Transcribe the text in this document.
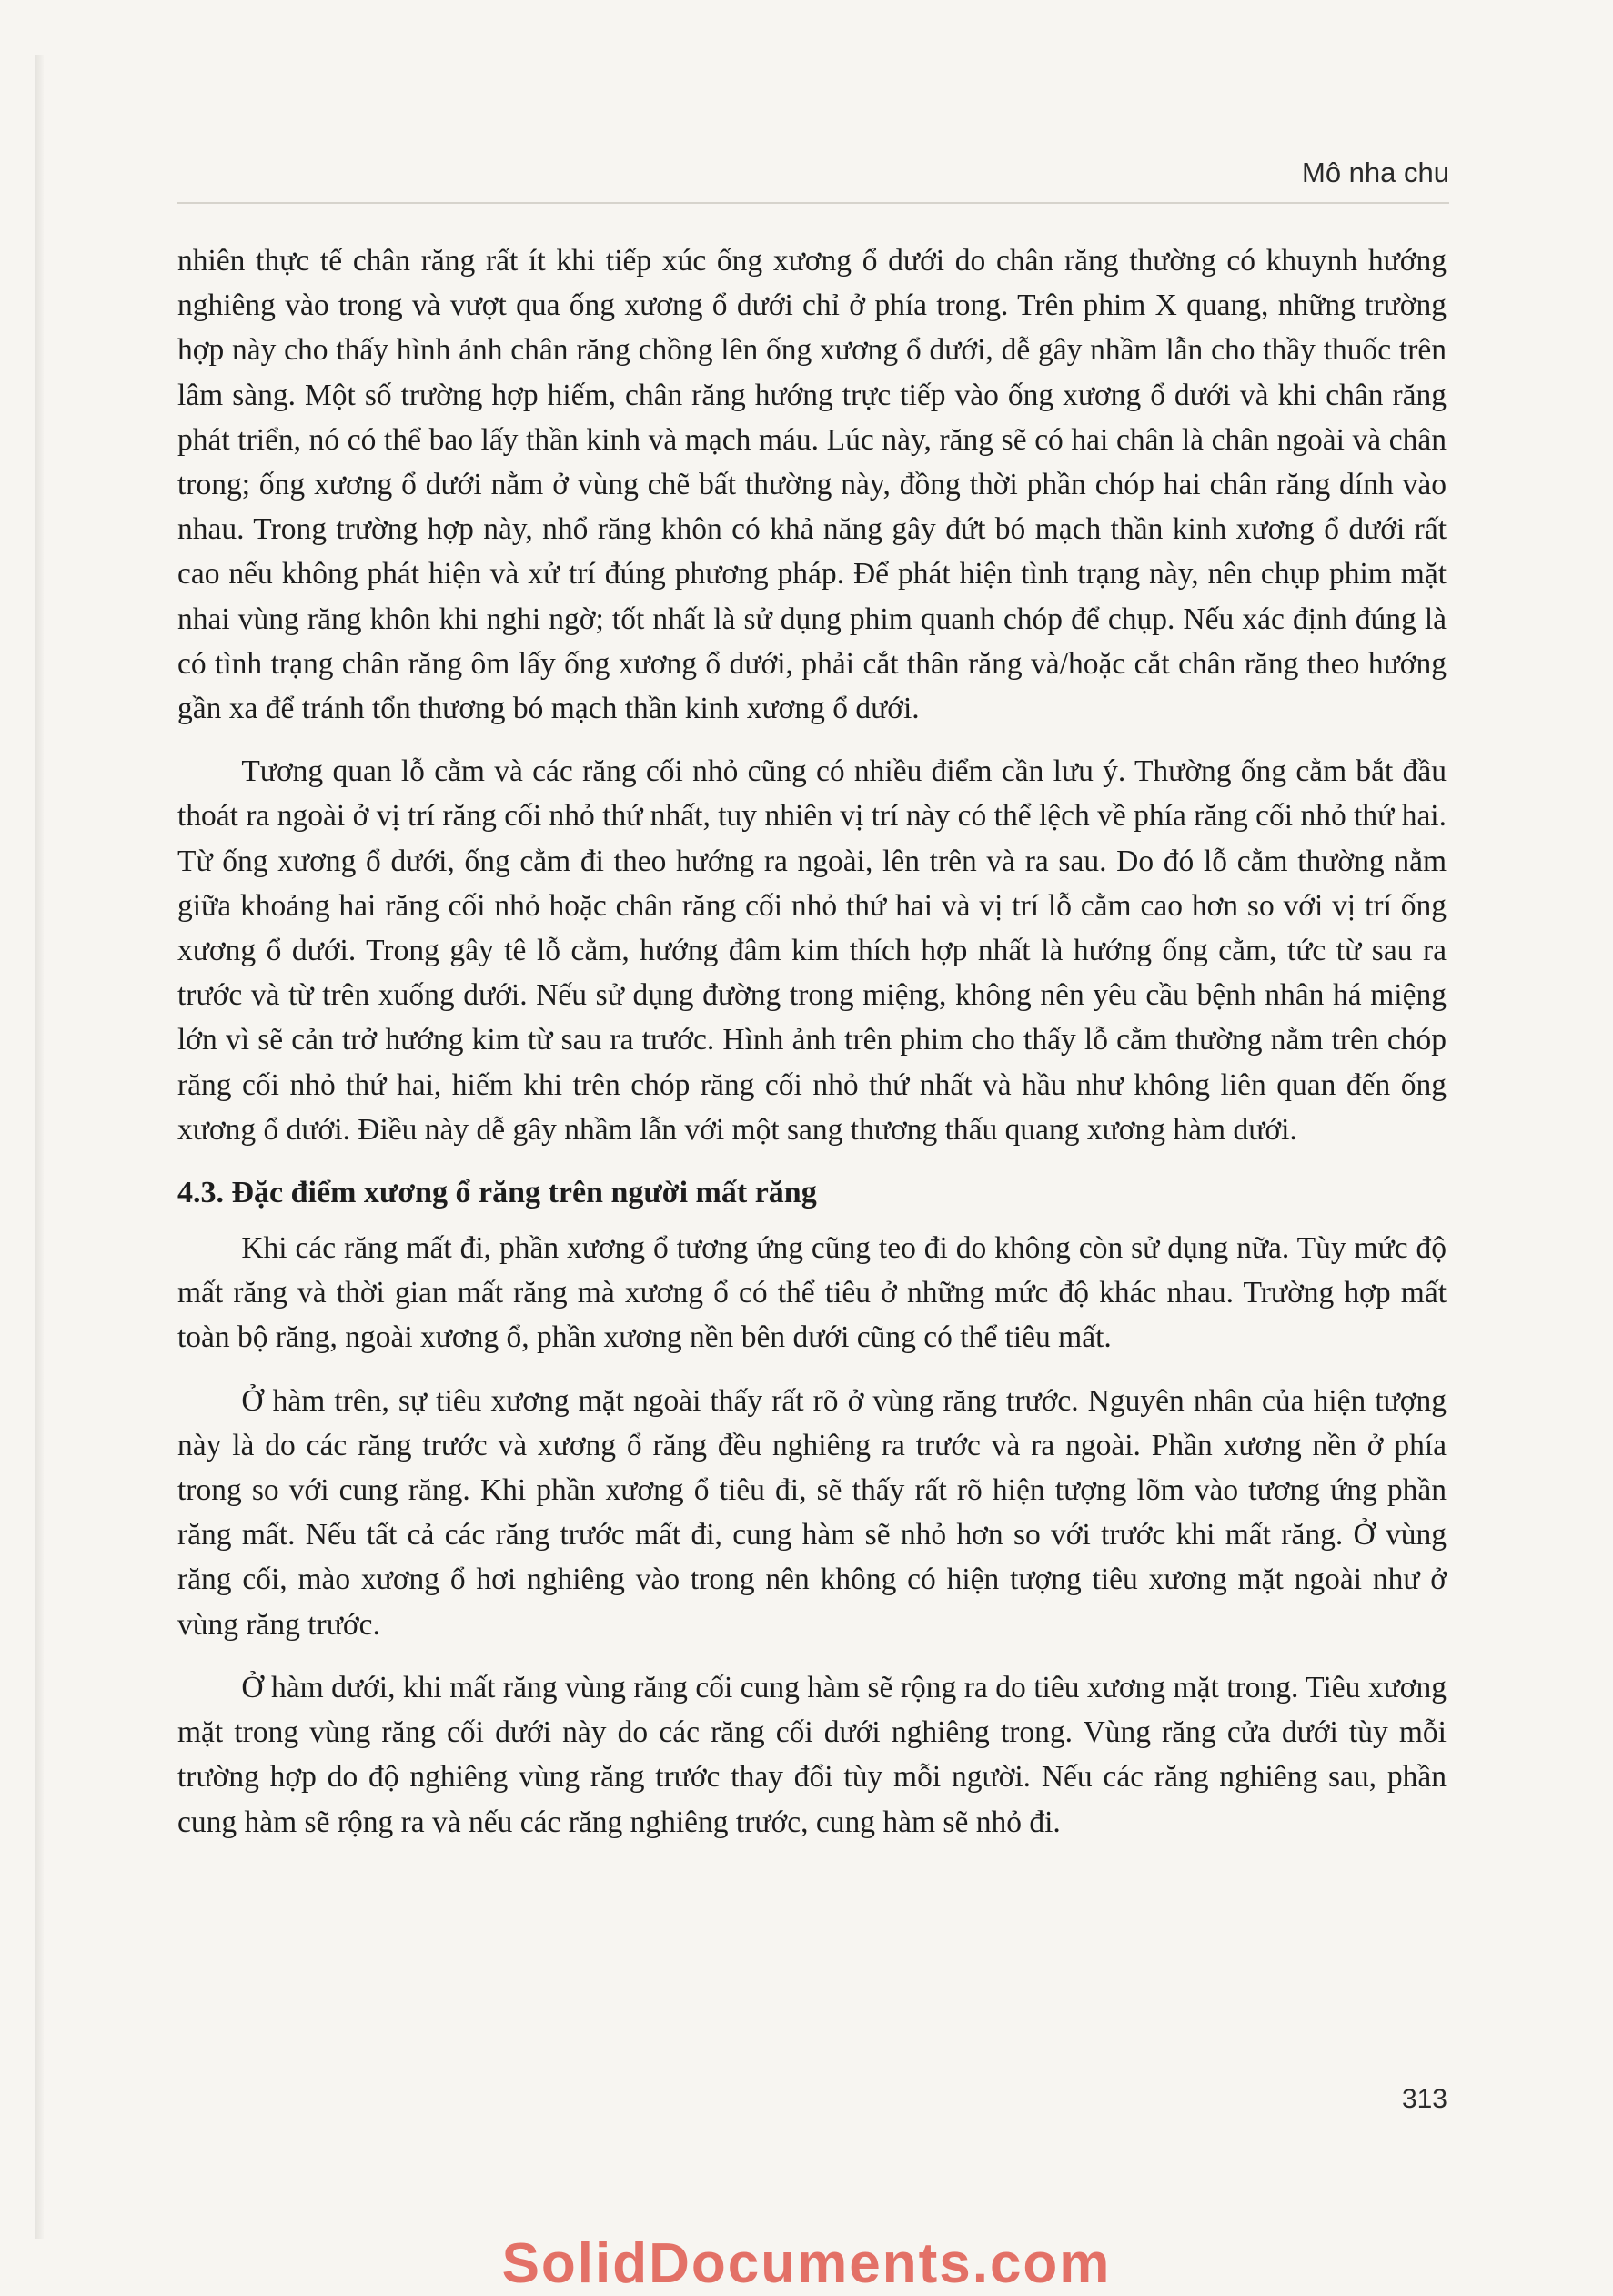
Mô nha chu

nhiên thực tế chân răng rất ít khi tiếp xúc ống xương ổ dưới do chân răng thường có khuynh hướng nghiêng vào trong và vượt qua ống xương ổ dưới chỉ ở phía trong. Trên phim X quang, những trường hợp này cho thấy hình ảnh chân răng chồng lên ống xương ổ dưới, dễ gây nhầm lẫn cho thầy thuốc trên lâm sàng. Một số trường hợp hiếm, chân răng hướng trực tiếp vào ống xương ổ dưới và khi chân răng phát triển, nó có thể bao lấy thần kinh và mạch máu. Lúc này, răng sẽ có hai chân là chân ngoài và chân trong; ống xương ổ dưới nằm ở vùng chẽ bất thường này, đồng thời phần chóp hai chân răng dính vào nhau. Trong trường hợp này, nhổ răng khôn có khả năng gây đứt bó mạch thần kinh xương ổ dưới rất cao nếu không phát hiện và xử trí đúng phương pháp. Để phát hiện tình trạng này, nên chụp phim mặt nhai vùng răng khôn khi nghi ngờ; tốt nhất là sử dụng phim quanh chóp để chụp. Nếu xác định đúng là có tình trạng chân răng ôm lấy ống xương ổ dưới, phải cắt thân răng và/hoặc cắt chân răng theo hướng gần xa để tránh tổn thương bó mạch thần kinh xương ổ dưới.

Tương quan lỗ cằm và các răng cối nhỏ cũng có nhiều điểm cần lưu ý. Thường ống cằm bắt đầu thoát ra ngoài ở vị trí răng cối nhỏ thứ nhất, tuy nhiên vị trí này có thể lệch về phía răng cối nhỏ thứ hai. Từ ống xương ổ dưới, ống cằm đi theo hướng ra ngoài, lên trên và ra sau. Do đó lỗ cằm thường nằm giữa khoảng hai răng cối nhỏ hoặc chân răng cối nhỏ thứ hai và vị trí lỗ cằm cao hơn so với vị trí ống xương ổ dưới. Trong gây tê lỗ cằm, hướng đâm kim thích hợp nhất là hướng ống cằm, tức từ sau ra trước và từ trên xuống dưới. Nếu sử dụng đường trong miệng, không nên yêu cầu bệnh nhân há miệng lớn vì sẽ cản trở hướng kim từ sau ra trước. Hình ảnh trên phim cho thấy lỗ cằm thường nằm trên chóp răng cối nhỏ thứ hai, hiếm khi trên chóp răng cối nhỏ thứ nhất và hầu như không liên quan đến ống xương ổ dưới. Điều này dễ gây nhầm lẫn với một sang thương thấu quang xương hàm dưới.

4.3. Đặc điểm xương ổ răng trên người mất răng

Khi các răng mất đi, phần xương ổ tương ứng cũng teo đi do không còn sử dụng nữa. Tùy mức độ mất răng và thời gian mất răng mà xương ổ có thể tiêu ở những mức độ khác nhau. Trường hợp mất toàn bộ răng, ngoài xương ổ, phần xương nền bên dưới cũng có thể tiêu mất.

Ở hàm trên, sự tiêu xương mặt ngoài thấy rất rõ ở vùng răng trước. Nguyên nhân của hiện tượng này là do các răng trước và xương ổ răng đều nghiêng ra trước và ra ngoài. Phần xương nền ở phía trong so với cung răng. Khi phần xương ổ tiêu đi, sẽ thấy rất rõ hiện tượng lõm vào tương ứng phần răng mất. Nếu tất cả các răng trước mất đi, cung hàm sẽ nhỏ hơn so với trước khi mất răng. Ở vùng răng cối, mào xương ổ hơi nghiêng vào trong nên không có hiện tượng tiêu xương mặt ngoài như ở vùng răng trước.

Ở hàm dưới, khi mất răng vùng răng cối cung hàm sẽ rộng ra do tiêu xương mặt trong. Tiêu xương mặt trong vùng răng cối dưới này do các răng cối dưới nghiêng trong. Vùng răng cửa dưới tùy mỗi trường hợp do độ nghiêng vùng răng trước thay đổi tùy mỗi người. Nếu các răng nghiêng sau, phần cung hàm sẽ rộng ra và nếu các răng nghiêng trước, cung hàm sẽ nhỏ đi.

313
SolidDocuments.com
